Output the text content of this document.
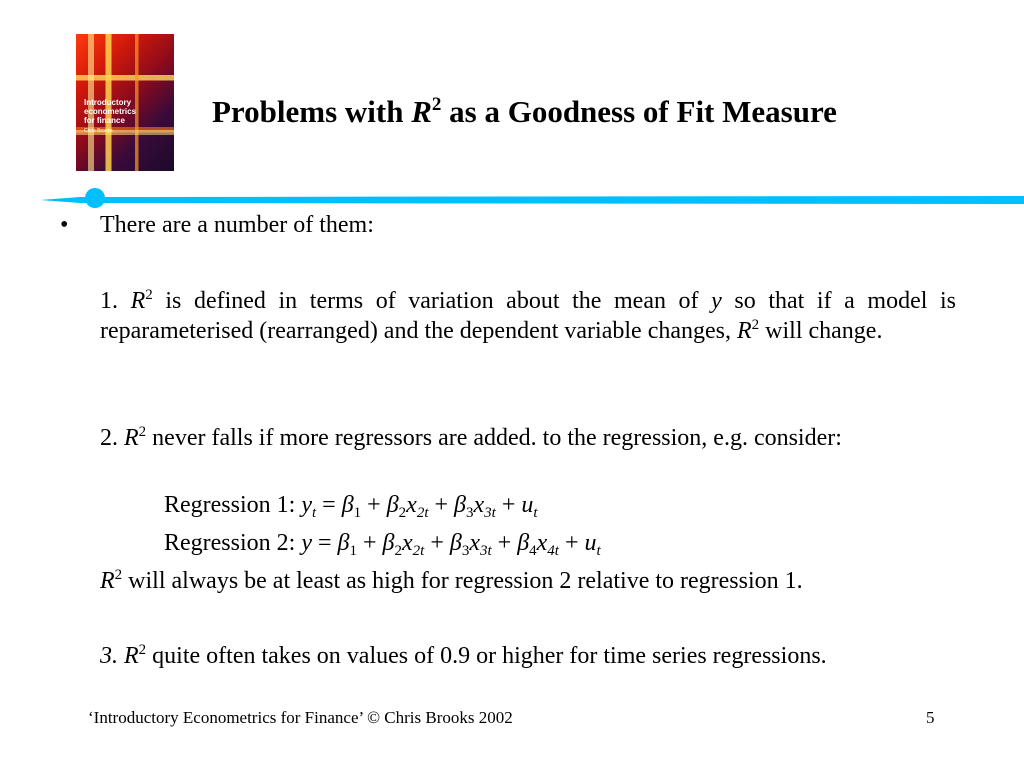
Introductory
econometrics
for finance
Chris Brooks
Problems with $R^2$ as a Goodness of Fit Measure
• There are a number of them:
1. $R^2$ is defined in terms of variation about the mean of y so that if a model is reparameterised (rearranged) and the dependent variable changes, $R^2$ will change.
2. $R^2$ never falls if more regressors are added. to the regression, e.g. consider:
Regression 1: $y_t = \beta_1 + \beta_2x_{2t} + \beta_3x_{3t} + u_t$
Regression 2: $y = \beta_1 + \beta_2x_{2t} + \beta_3x_{3t} + \beta_4x_{4t} + u_t$
$R^2$ will always be at least as high for regression 2 relative to regression 1.
3. $R^2$ quite often takes on values of 0.9 or higher for time series regressions.
‘Introductory Econometrics for Finance’ © Chris Brooks 2002	5
